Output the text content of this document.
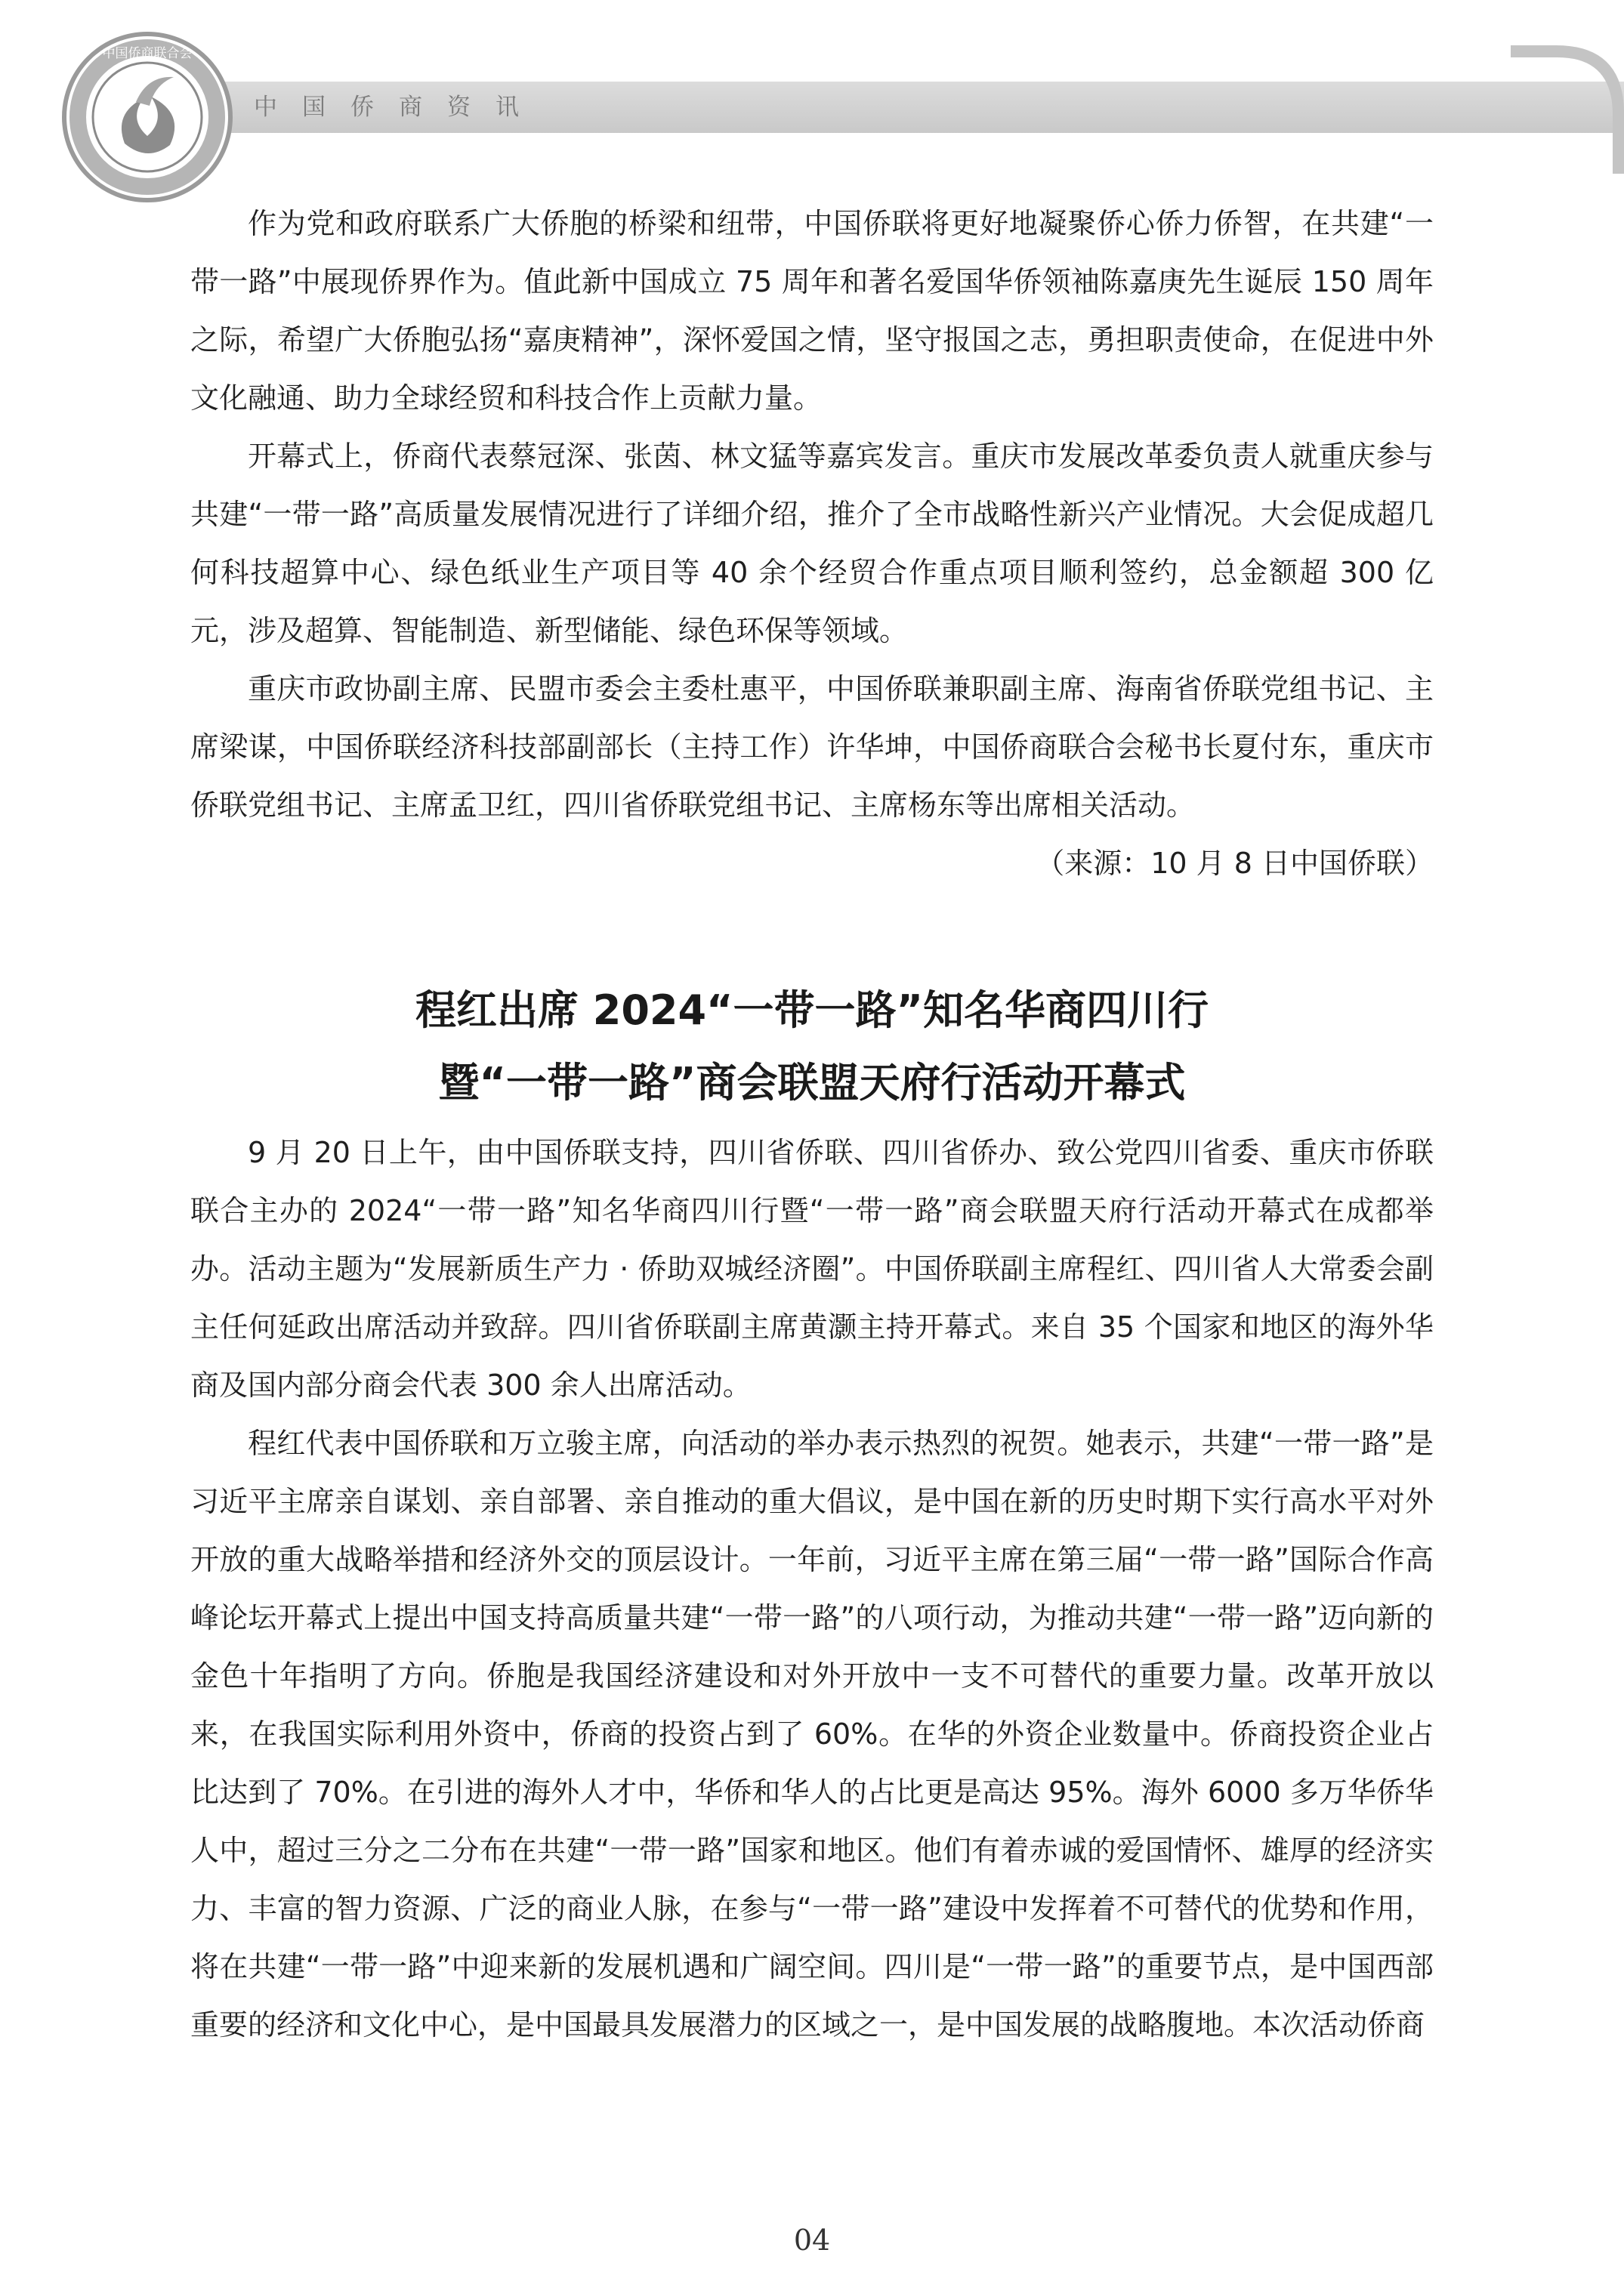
中国侨商联合会
中国侨商资讯

作为党和政府联系广大侨胞的桥梁和纽带，中国侨联将更好地凝聚侨心侨力侨智，在共建“一带一路”中展现侨界作为。值此新中国成立 75 周年和著名爱国华侨领袖陈嘉庚先生诞辰 150 周年之际，希望广大侨胞弘扬“嘉庚精神”，深怀爱国之情，坚守报国之志，勇担职责使命，在促进中外文化融通、助力全球经贸和科技合作上贡献力量。

开幕式上，侨商代表蔡冠深、张茵、林文猛等嘉宾发言。重庆市发展改革委负责人就重庆参与共建“一带一路”高质量发展情况进行了详细介绍，推介了全市战略性新兴产业情况。大会促成超几何科技超算中心、绿色纸业生产项目等 40 余个经贸合作重点项目顺利签约，总金额超 300 亿元，涉及超算、智能制造、新型储能、绿色环保等领域。

重庆市政协副主席、民盟市委会主委杜惠平，中国侨联兼职副主席、海南省侨联党组书记、主席梁谋，中国侨联经济科技部副部长（主持工作）许华坤，中国侨商联合会秘书长夏付东，重庆市侨联党组书记、主席孟卫红，四川省侨联党组书记、主席杨东等出席相关活动。

（来源：10 月 8 日中国侨联）

程红出席 2024“一带一路”知名华商四川行
暨“一带一路”商会联盟天府行活动开幕式

9 月 20 日上午，由中国侨联支持，四川省侨联、四川省侨办、致公党四川省委、重庆市侨联联合主办的 2024“一带一路”知名华商四川行暨“一带一路”商会联盟天府行活动开幕式在成都举办。活动主题为“发展新质生产力 · 侨助双城经济圈”。中国侨联副主席程红、四川省人大常委会副主任何延政出席活动并致辞。四川省侨联副主席黄灏主持开幕式。来自 35 个国家和地区的海外华商及国内部分商会代表 300 余人出席活动。

程红代表中国侨联和万立骏主席，向活动的举办表示热烈的祝贺。她表示，共建“一带一路”是习近平主席亲自谋划、亲自部署、亲自推动的重大倡议，是中国在新的历史时期下实行高水平对外开放的重大战略举措和经济外交的顶层设计。一年前，习近平主席在第三届“一带一路”国际合作高峰论坛开幕式上提出中国支持高质量共建“一带一路”的八项行动，为推动共建“一带一路”迈向新的金色十年指明了方向。侨胞是我国经济建设和对外开放中一支不可替代的重要力量。改革开放以来，在我国实际利用外资中，侨商的投资占到了 60%。在华的外资企业数量中。侨商投资企业占比达到了 70%。在引进的海外人才中，华侨和华人的占比更是高达 95%。海外 6000 多万华侨华人中，超过三分之二分布在共建“一带一路”国家和地区。他们有着赤诚的爱国情怀、雄厚的经济实力、丰富的智力资源、广泛的商业人脉，在参与“一带一路”建设中发挥着不可替代的优势和作用，将在共建“一带一路”中迎来新的发展机遇和广阔空间。四川是“一带一路”的重要节点，是中国西部重要的经济和文化中心，是中国最具发展潜力的区域之一，是中国发展的战略腹地。本次活动侨商

04
